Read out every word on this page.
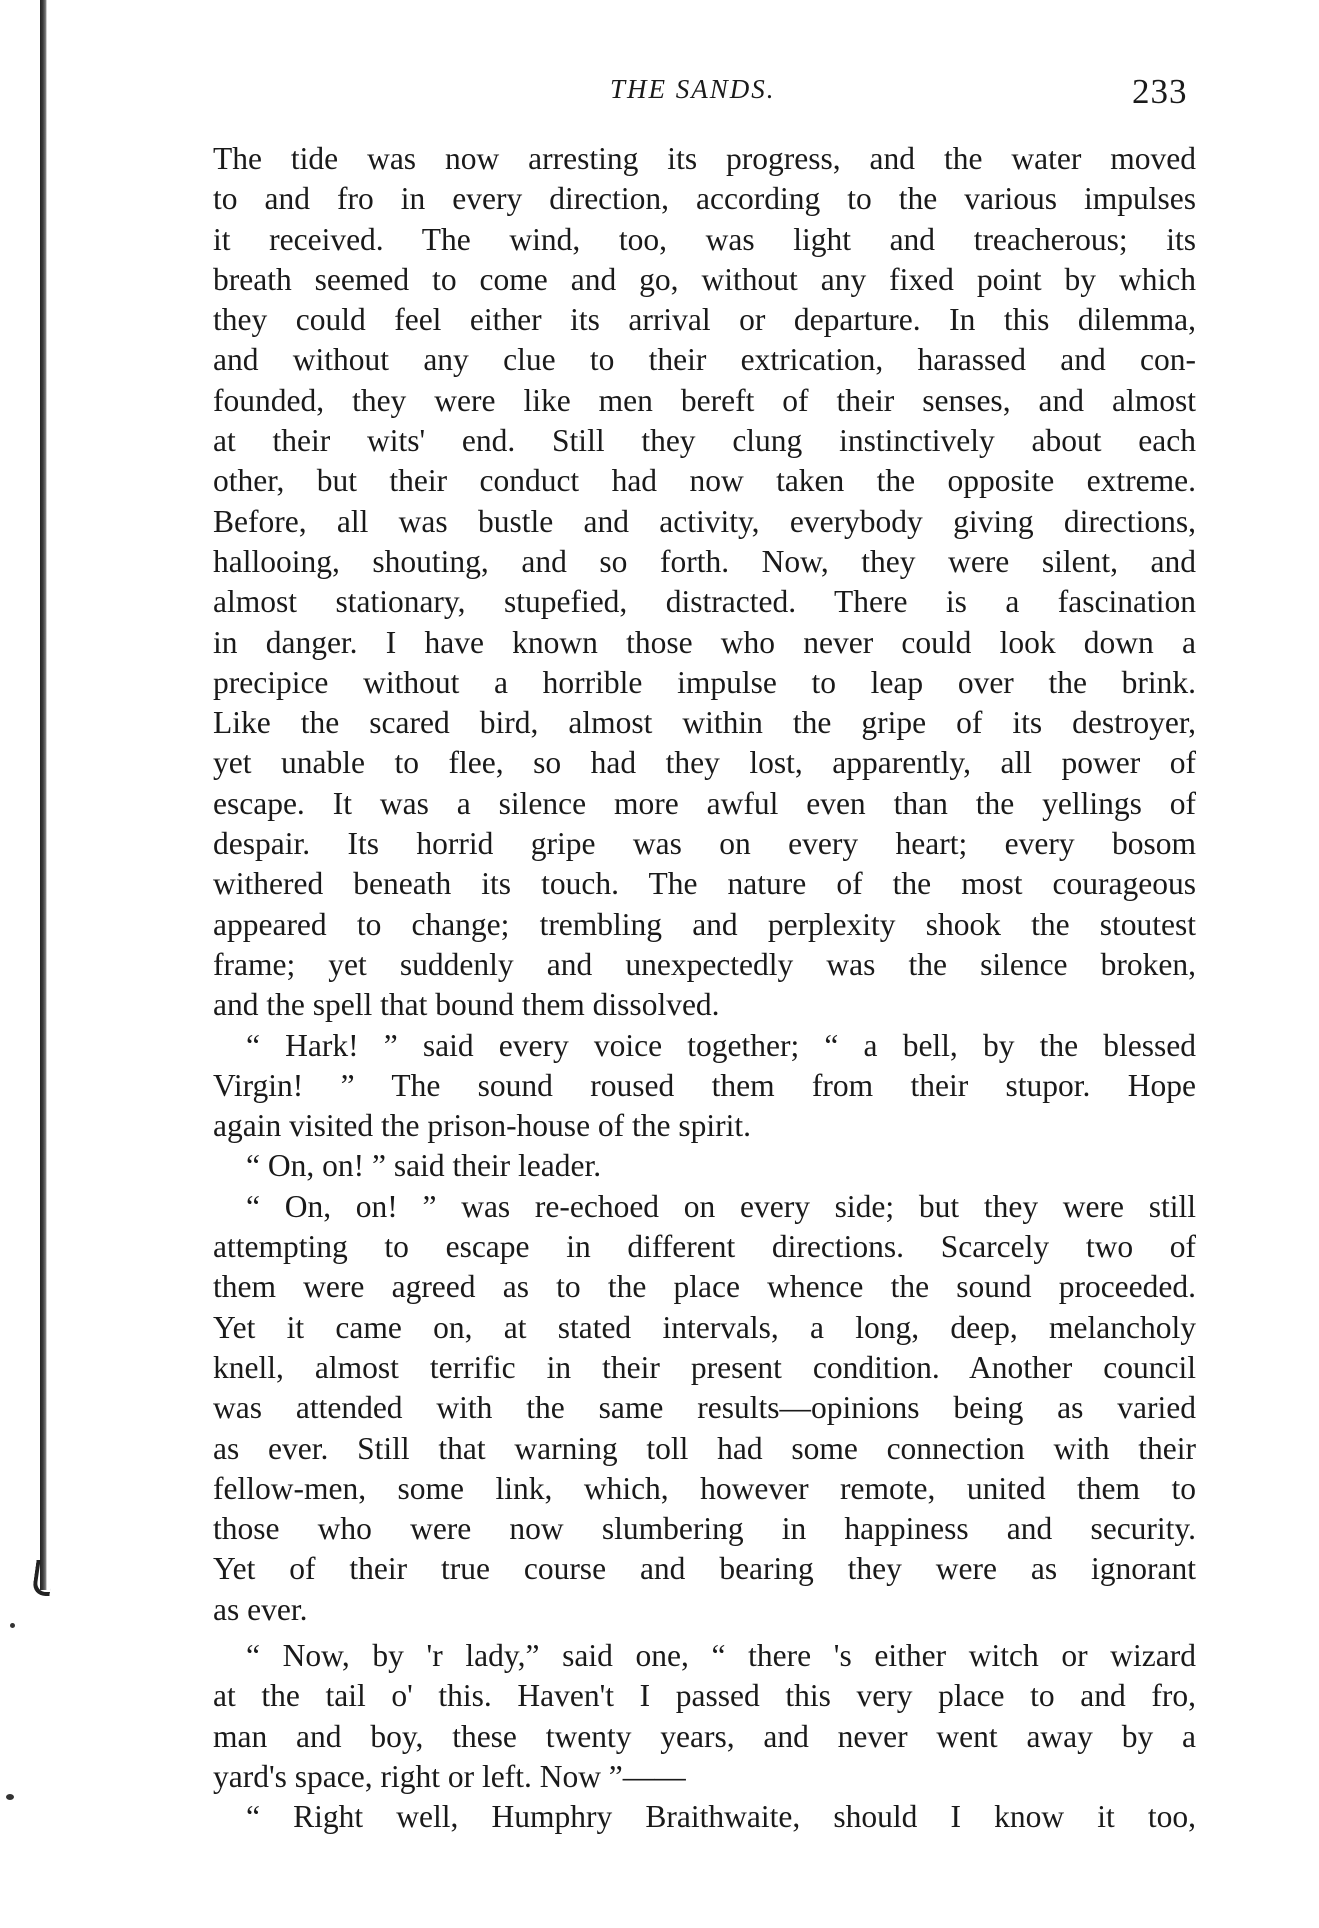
THE SANDS.	233
The tide was now arresting its progress, and the water moved
to and fro in every direction, according to the various impulses
it received. The wind, too, was light and treacherous; its
breath seemed to come and go, without any fixed point by which
they could feel either its arrival or departure. In this dilemma,
and without any clue to their extrication, harassed and con-
founded, they were like men bereft of their senses, and almost
at their wits' end. Still they clung instinctively about each
other, but their conduct had now taken the opposite extreme.
Before, all was bustle and activity, everybody giving directions,
hallooing, shouting, and so forth. Now, they were silent, and
almost stationary, stupefied, distracted. There is a fascination
in danger. I have known those who never could look down a
precipice without a horrible impulse to leap over the brink.
Like the scared bird, almost within the gripe of its destroyer,
yet unable to flee, so had they lost, apparently, all power of
escape. It was a silence more awful even than the yellings of
despair. Its horrid gripe was on every heart; every bosom
withered beneath its touch. The nature of the most courageous
appeared to change; trembling and perplexity shook the stoutest
frame; yet suddenly and unexpectedly was the silence broken,
and the spell that bound them dissolved.
“ Hark! ” said every voice together; “ a bell, by the blessed
Virgin! ” The sound roused them from their stupor. Hope
again visited the prison-house of the spirit.
“ On, on! ” said their leader.
“ On, on! ” was re-echoed on every side; but they were still
attempting to escape in different directions. Scarcely two of
them were agreed as to the place whence the sound proceeded.
Yet it came on, at stated intervals, a long, deep, melancholy
knell, almost terrific in their present condition. Another council
was attended with the same results—opinions being as varied
as ever. Still that warning toll had some connection with their
fellow-men, some link, which, however remote, united them to
those who were now slumbering in happiness and security.
Yet of their true course and bearing they were as ignorant
as ever.
“ Now, by 'r lady,” said one, “ there 's either witch or wizard
at the tail o' this. Haven't I passed this very place to and fro,
man and boy, these twenty years, and never went away by a
yard's space, right or left. Now ”——
“ Right well, Humphry Braithwaite, should I know it too,
